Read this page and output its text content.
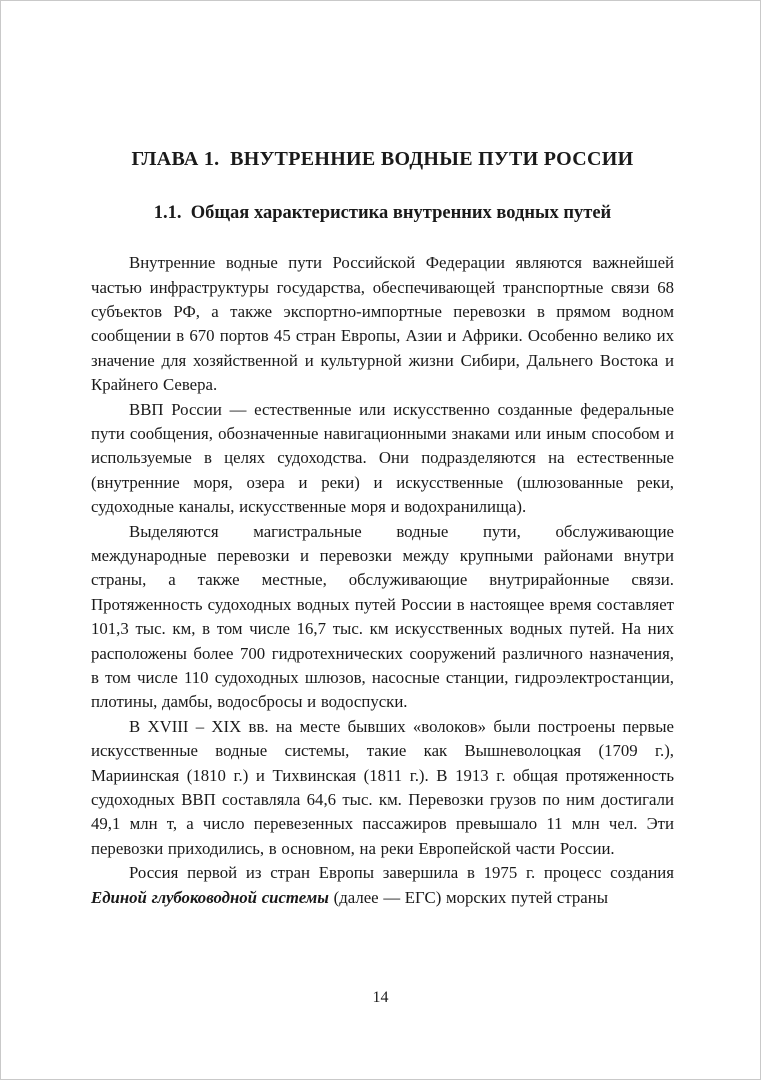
ГЛАВА 1.  ВНУТРЕННИЕ ВОДНЫЕ ПУТИ РОССИИ
1.1.  Общая характеристика внутренних водных путей

Внутренние водные пути Российской Федерации являются важнейшей частью инфраструктуры государства, обеспечивающей транспортные связи 68 субъектов РФ, а также экспортно-импортные перевозки в прямом водном сообщении в 670 портов 45 стран Европы, Азии и Африки. Особенно велико их значение для хозяйственной и культурной жизни Сибири, Дальнего Востока и Крайнего Севера.

ВВП России — естественные или искусственно созданные федеральные пути сообщения, обозначенные навигационными знаками или иным способом и используемые в целях судоходства. Они подразделяются на естественные (внутренние моря, озера и реки) и искусственные (шлюзованные реки, судоходные каналы, искусственные моря и водохранилища).

Выделяются магистральные водные пути, обслуживающие международные перевозки и перевозки между крупными районами внутри страны, а также местные, обслуживающие внутрирайонные связи. Протяженность судоходных водных путей России в настоящее время составляет 101,3 тыс. км, в том числе 16,7 тыс. км искусственных водных путей. На них расположены более 700 гидротехнических сооружений различного назначения, в том числе 110 судоходных шлюзов, насосные станции, гидроэлектростанции, плотины, дамбы, водосбросы и водоспуски.

В XVIII – XIX вв. на месте бывших «волоков» были построены первые искусственные водные системы, такие как Вышневолоцкая (1709 г.), Мариинская (1810 г.) и Тихвинская (1811 г.). В 1913 г. общая протяженность судоходных ВВП составляла 64,6 тыс. км. Перевозки грузов по ним достигали 49,1 млн т, а число перевезенных пассажиров превышало 11 млн чел. Эти перевозки приходились, в основном, на реки Европейской части России.

Россия первой из стран Европы завершила в 1975 г. процесс создания Единой глубоководной системы (далее — ЕГС) морских путей страны

14
